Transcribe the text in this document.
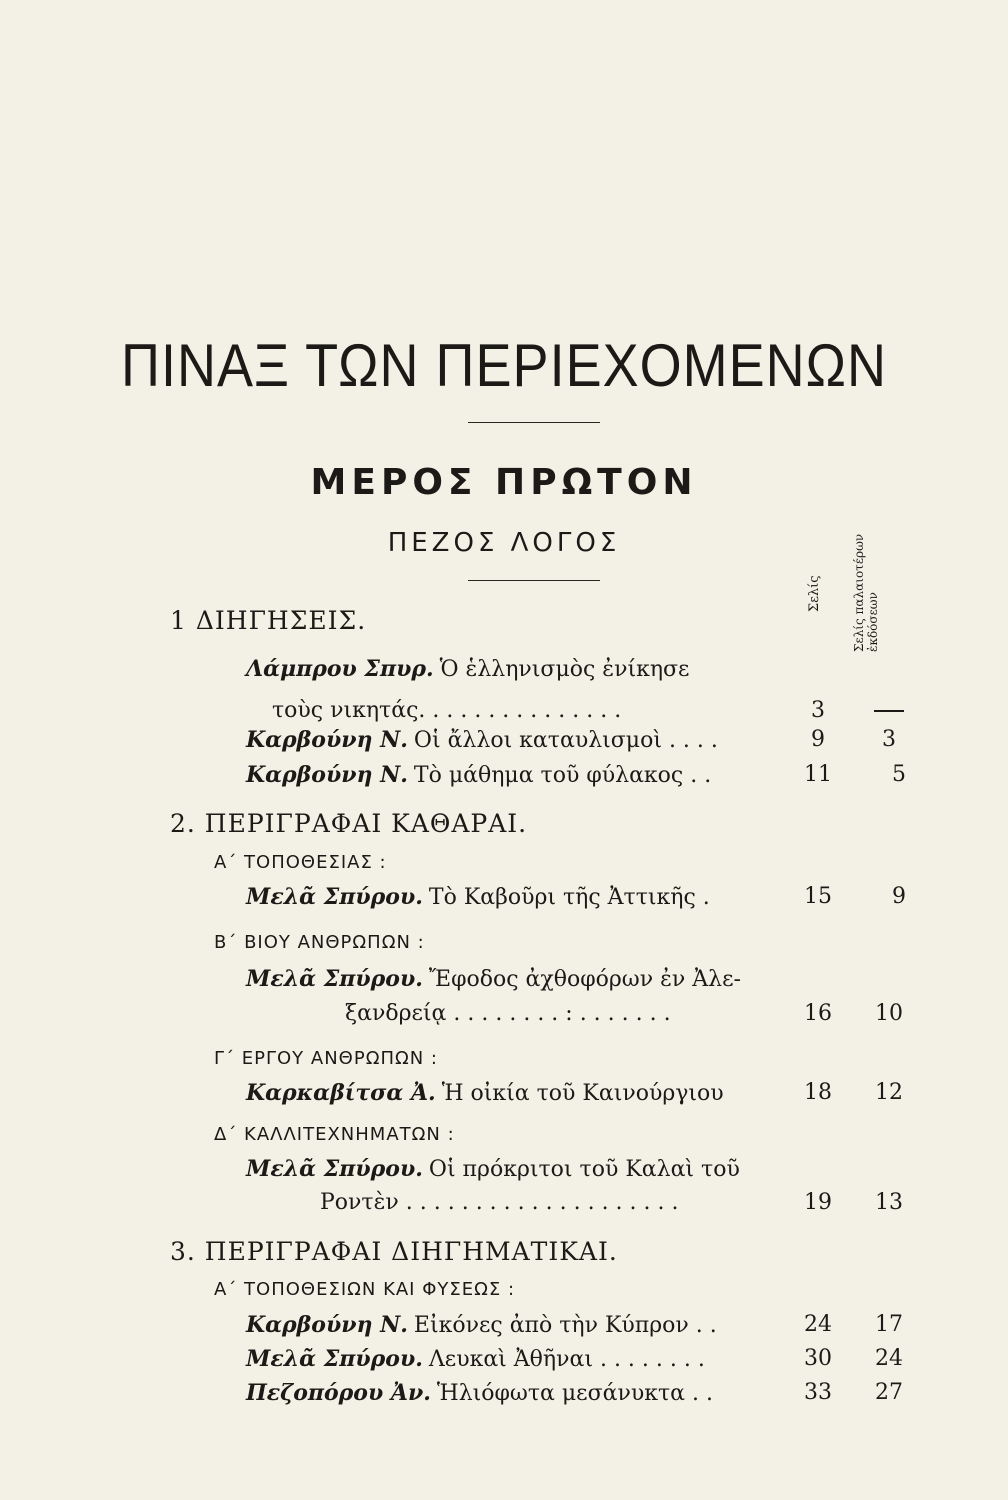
ΠΙΝΑΞ ΤΩΝ ΠΕΡΙΕΧΟΜΕΝΩΝ
ΜΕΡΟΣ ΠΡΩΤΟΝ
ΠΕΖΟΣ ΛΟΓΟΣ
Σελίς	Σελίς παλαιοτέρων ἐκδόσεων
1 ΔΙΗΓΗΣΕΙΣ.
Λάμπρου Σπυρ. Ὁ ἑλληνισμὸς ἐνίκησε
τοὺς νικητάς. . . . . . . . . . . . . . .	3
Καρβούνη Ν. Οἱ ἄλλοι καταυλισμοὶ . . . .	9	3
Καρβούνη Ν. Τὸ μάθημα τοῦ φύλακος . .	11	5
2. ΠΕΡΙΓΡΑΦΑΙ ΚΑΘΑΡΑΙ.
Α΄ ΤΟΠΟΘΕΣΙΑΣ :
Μελᾶ Σπύρου. Τὸ Καβοῦρι τῆς Ἀττικῆς .	15	9
Β΄ ΒΙΟΥ ΑΝΘΡΩΠΩΝ :
Μελᾶ Σπύρου. Ἔφοδος ἀχθοφόρων ἐν Ἀλε-
ξανδρείᾳ . . . . . . . . : . . . . . . .	16	10
Γ΄ ΕΡΓΟΥ ΑΝΘΡΩΠΩΝ :
Καρκαβίτσα Ἀ. Ἡ οἰκία τοῦ Καινούργιου	18	12
Δ΄ ΚΑΛΛΙΤΕΧΝΗΜΑΤΩΝ :
Μελᾶ Σπύρου. Οἱ πρόκριτοι τοῦ Καλαὶ τοῦ
Ροντὲν . . . . . . . . . . . . . . . . . . . .	19	13
3. ΠΕΡΙΓΡΑΦΑΙ ΔΙΗΓΗΜΑΤΙΚΑΙ.
Α΄ ΤΟΠΟΘΕΣΙΩΝ ΚΑΙ ΦΥΣΕΩΣ :
Καρβούνη Ν. Εἰκόνες ἀπὸ τὴν Κύπρον . .	24	17
Μελᾶ Σπύρου. Λευκαὶ Ἀθῆναι . . . . . . . .	30	24
Πεζοπόρου Ἀν. Ἡλιόφωτα μεσάνυκτα . .	33	27
